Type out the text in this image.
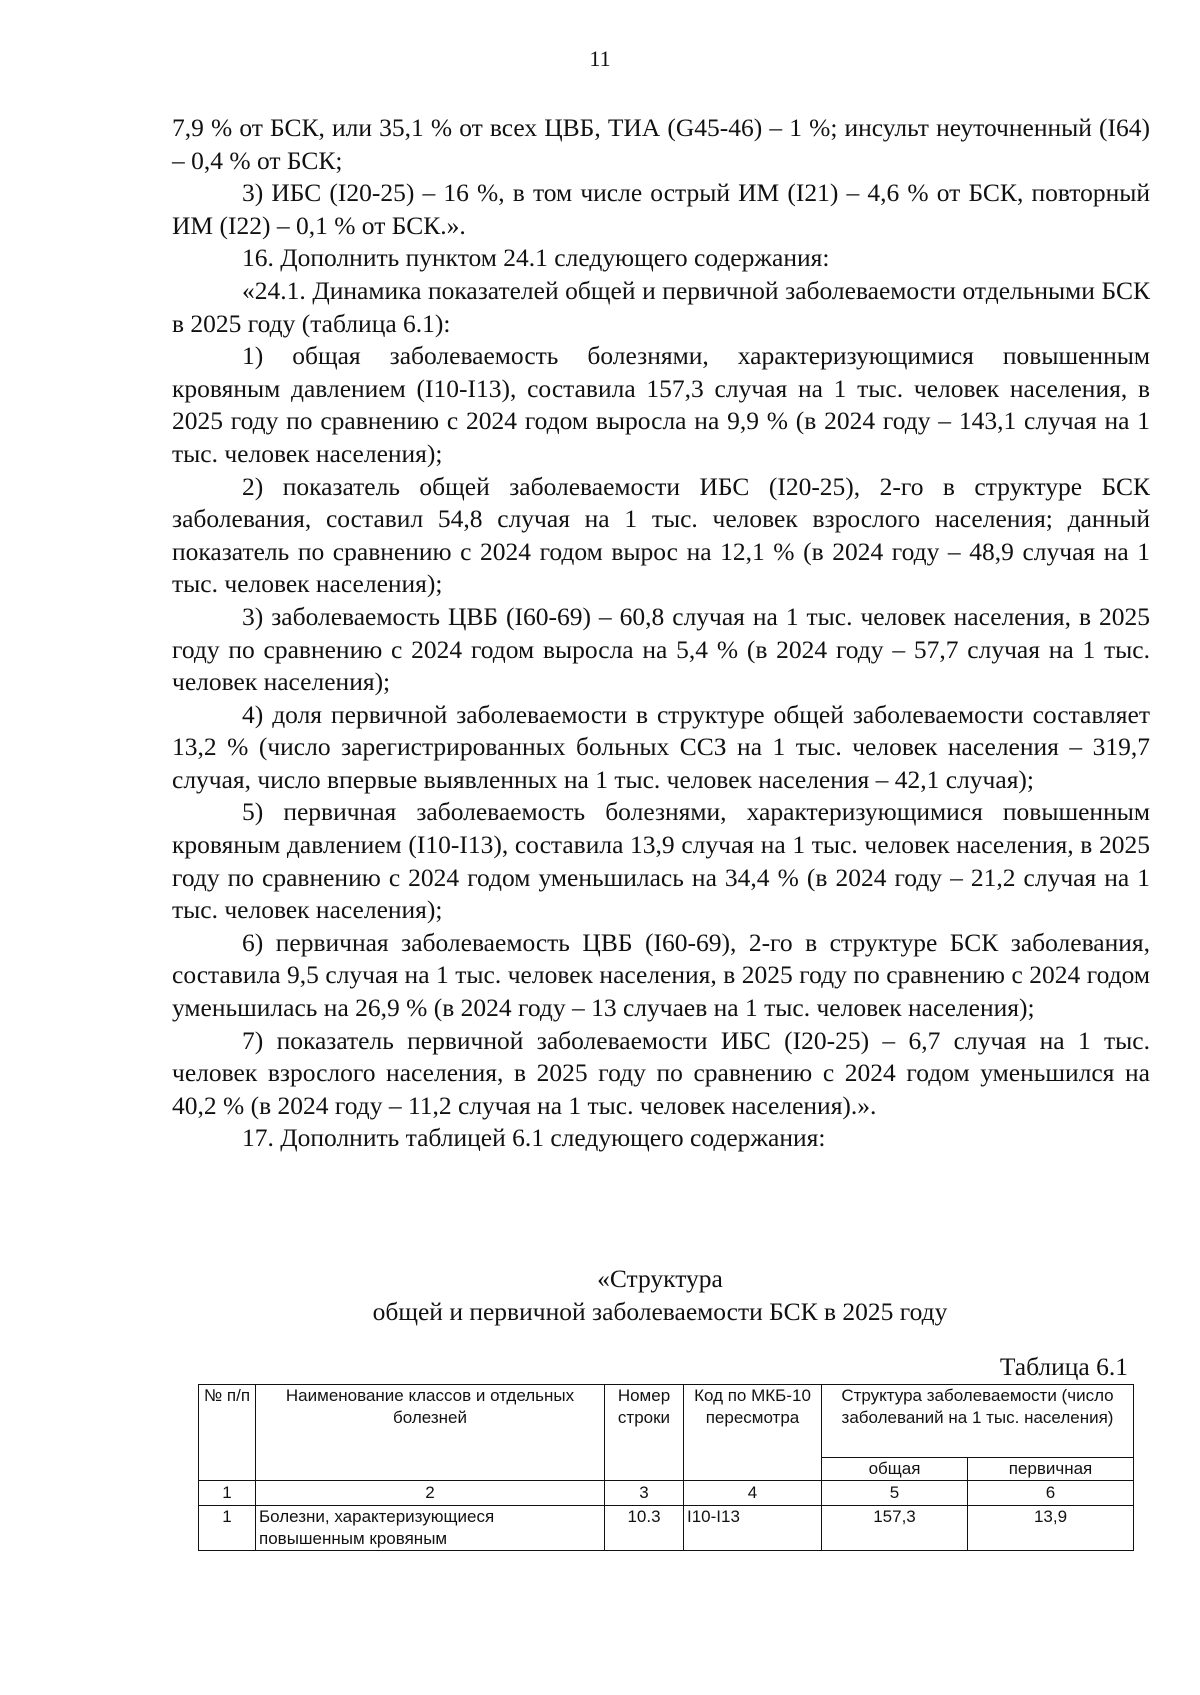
11

7,9 % от БСК, или 35,1 % от всех ЦВБ, ТИА (G45-46) – 1 %; инсульт неуточненный (I64) – 0,4 % от БСК;

3) ИБС (I20-25) – 16 %, в том числе острый ИМ (I21) – 4,6 % от БСК, повторный ИМ (I22) – 0,1 % от БСК.».

16. Дополнить пунктом 24.1 следующего содержания:

«24.1. Динамика показателей общей и первичной заболеваемости отдельными БСК в 2025 году (таблица 6.1):

1) общая заболеваемость болезнями, характеризующимися повышенным кровяным давлением (I10-I13), составила 157,3 случая на 1 тыс. человек населения, в 2025 году по сравнению с 2024 годом выросла на 9,9 % (в 2024 году – 143,1 случая на 1 тыс. человек населения);

2) показатель общей заболеваемости ИБС (I20-25), 2-го в структуре БСК заболевания, составил 54,8 случая на 1 тыс. человек взрослого населения; данный показатель по сравнению с 2024 годом вырос на 12,1 % (в 2024 году – 48,9 случая на 1 тыс. человек населения);

3) заболеваемость ЦВБ (I60-69) – 60,8 случая на 1 тыс. человек населения, в 2025 году по сравнению с 2024 годом выросла на 5,4 % (в 2024 году – 57,7 случая на 1 тыс. человек населения);

4) доля первичной заболеваемости в структуре общей заболеваемости составляет 13,2 % (число зарегистрированных больных ССЗ на 1 тыс. человек населения – 319,7 случая, число впервые выявленных на 1 тыс. человек населения – 42,1 случая);

5) первичная заболеваемость болезнями, характеризующимися повышенным кровяным давлением (I10-I13), составила 13,9 случая на 1 тыс. человек населения, в 2025 году по сравнению с 2024 годом уменьшилась на 34,4 % (в 2024 году – 21,2 случая на 1 тыс. человек населения);

6) первичная заболеваемость ЦВБ (I60-69), 2-го в структуре БСК заболевания, составила 9,5 случая на 1 тыс. человек населения, в 2025 году по сравнению с 2024 годом уменьшилась на 26,9 % (в 2024 году – 13 случаев на 1 тыс. человек населения);

7) показатель первичной заболеваемости ИБС (I20-25) – 6,7 случая на 1 тыс. человек взрослого населения, в 2025 году по сравнению с 2024 годом уменьшился на 40,2 % (в 2024 году – 11,2 случая на 1 тыс. человек населения).».

17. Дополнить таблицей 6.1 следующего содержания:

«Структура
общей и первичной заболеваемости БСК в 2025 году
Таблица 6.1
№ п/п	Наименование классов и отдельных болезней	Номер строки	Код по МКБ-10 пересмотра	Структура заболеваемости (число заболеваний на 1 тыс. населения)	
				общая	первичная
1	2	3	4	5	6
1	Болезни, характеризующиеся повышенным кровяным	10.3	I10-I13	157,3	13,9
